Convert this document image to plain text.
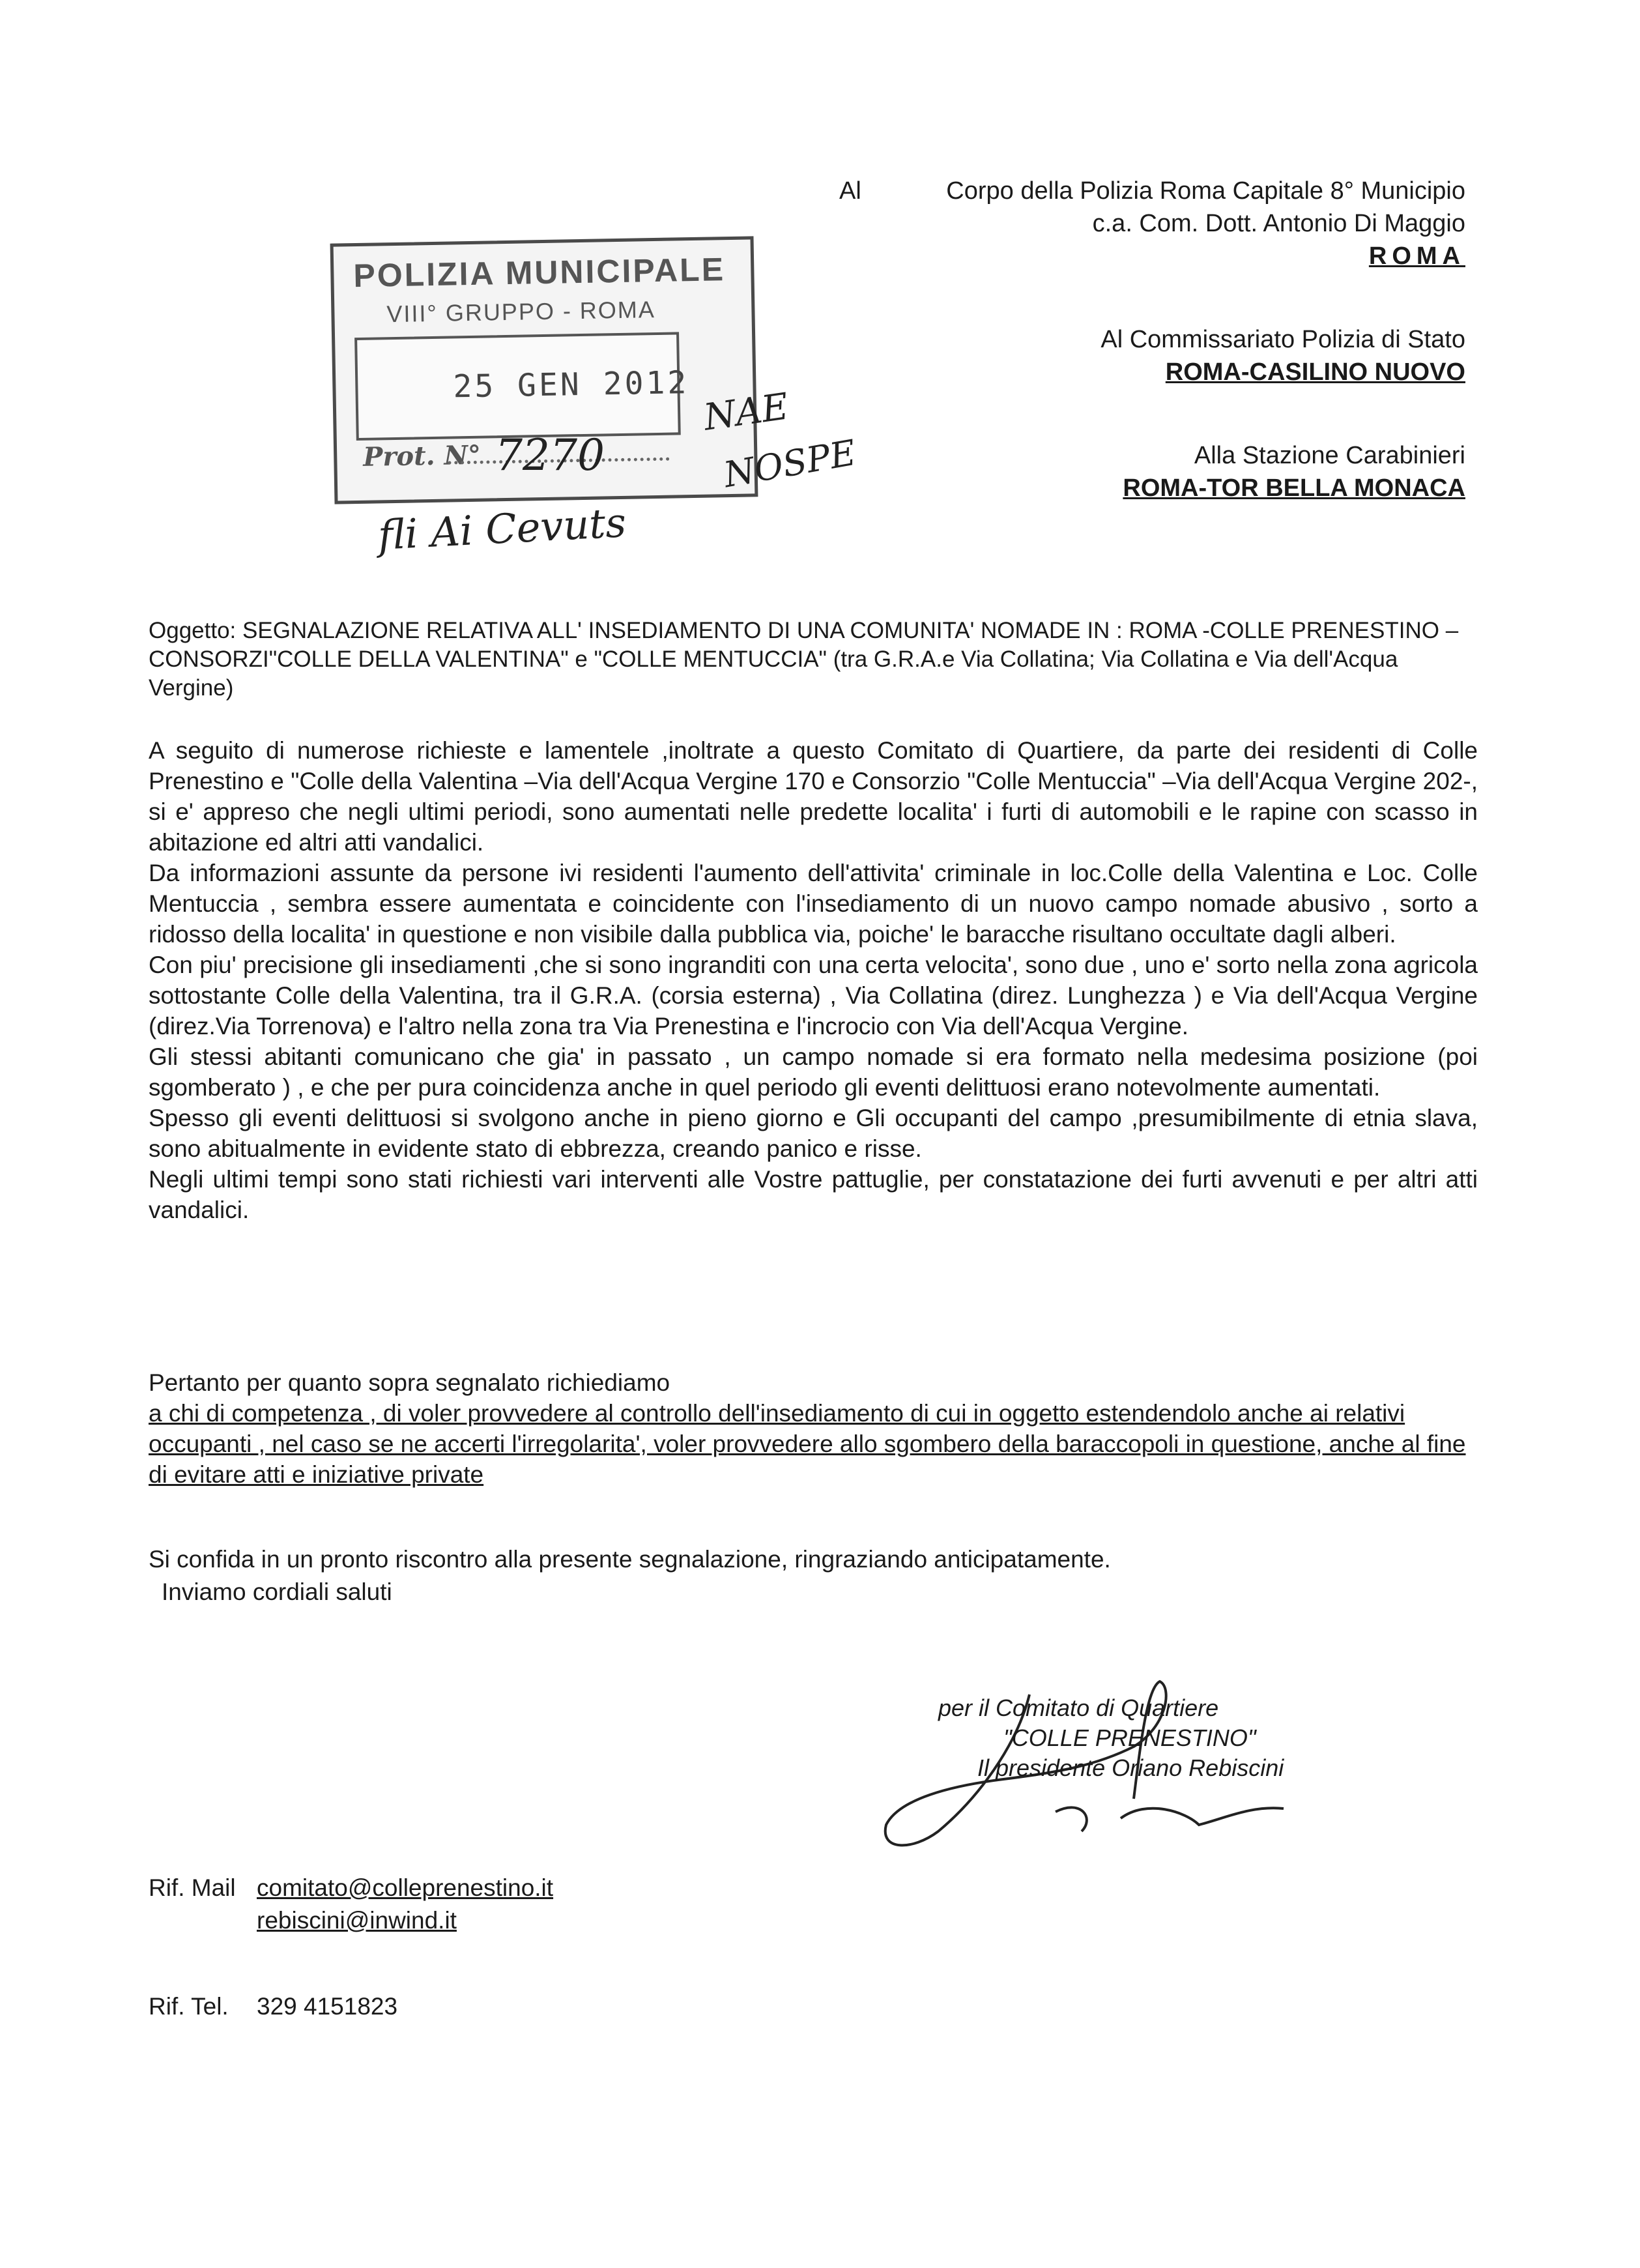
Al	Corpo della Polizia Roma Capitale 8° Municipio
c.a. Com. Dott. Antonio Di Maggio
ROMA
Al Commissariato Polizia di Stato
ROMA-CASILINO NUOVO
Alla Stazione Carabinieri
ROMA-TOR BELLA MONACA
POLIZIA MUNICIPALE
VIII° GRUPPO - ROMA
25 GEN 2012
Prot. N° 7270
NAE
NOSPE
fli Ai Cevuts
Oggetto: SEGNALAZIONE RELATIVA ALL' INSEDIAMENTO DI UNA COMUNITA' NOMADE IN : ROMA -COLLE PRENESTINO – CONSORZI"COLLE DELLA VALENTINA" e "COLLE MENTUCCIA" (tra G.R.A.e Via Collatina; Via Collatina e Via dell'Acqua Vergine)

A seguito di numerose richieste e lamentele ,inoltrate a questo Comitato di Quartiere, da parte dei residenti di Colle Prenestino e "Colle della Valentina –Via dell'Acqua Vergine 170 e Consorzio "Colle Mentuccia" –Via dell'Acqua Vergine 202-, si e' appreso che negli ultimi periodi, sono aumentati nelle predette localita' i furti di automobili e le rapine con scasso in abitazione ed altri atti vandalici.

Da informazioni assunte da persone ivi residenti l'aumento dell'attivita' criminale in loc.Colle della Valentina e Loc. Colle Mentuccia , sembra essere aumentata e coincidente con l'insediamento di un nuovo campo nomade abusivo , sorto a ridosso della localita' in questione e non visibile dalla pubblica via, poiche' le baracche risultano occultate dagli alberi.

Con piu' precisione gli insediamenti ,che si sono ingranditi con una certa velocita', sono due , uno e' sorto nella zona agricola sottostante Colle della Valentina, tra il G.R.A. (corsia esterna) , Via Collatina (direz. Lunghezza ) e Via dell'Acqua Vergine (direz.Via Torrenova) e l'altro nella zona tra Via Prenestina e l'incrocio con Via dell'Acqua Vergine.

Gli stessi abitanti comunicano che gia' in passato , un campo nomade si era formato nella medesima posizione (poi sgomberato ) , e che per pura coincidenza anche in quel periodo gli eventi delittuosi erano notevolmente aumentati.

Spesso gli eventi delittuosi si svolgono anche in pieno giorno e Gli occupanti del campo ,presumibilmente di etnia slava, sono abitualmente in evidente stato di ebbrezza, creando panico e risse.

Negli ultimi tempi sono stati richiesti vari interventi alle Vostre pattuglie, per constatazione dei furti avvenuti e per altri atti vandalici.

Pertanto per quanto sopra segnalato richiediamo

a chi di competenza , di voler provvedere al controllo dell'insediamento di cui in oggetto estendendolo anche ai relativi occupanti , nel caso se ne accerti l'irregolarita', voler provvedere allo sgombero della baraccopoli in questione, anche al fine di evitare atti e iniziative private

Si confida in un pronto riscontro alla presente segnalazione, ringraziando anticipatamente.
Inviamo cordiali saluti
per il Comitato di Quartiere
"COLLE PRENESTINO"
Il presidente Oriano Rebiscini
Rif. Mail comitato@colleprenestino.it
rebiscini@inwind.it
Rif. Tel. 329 4151823
